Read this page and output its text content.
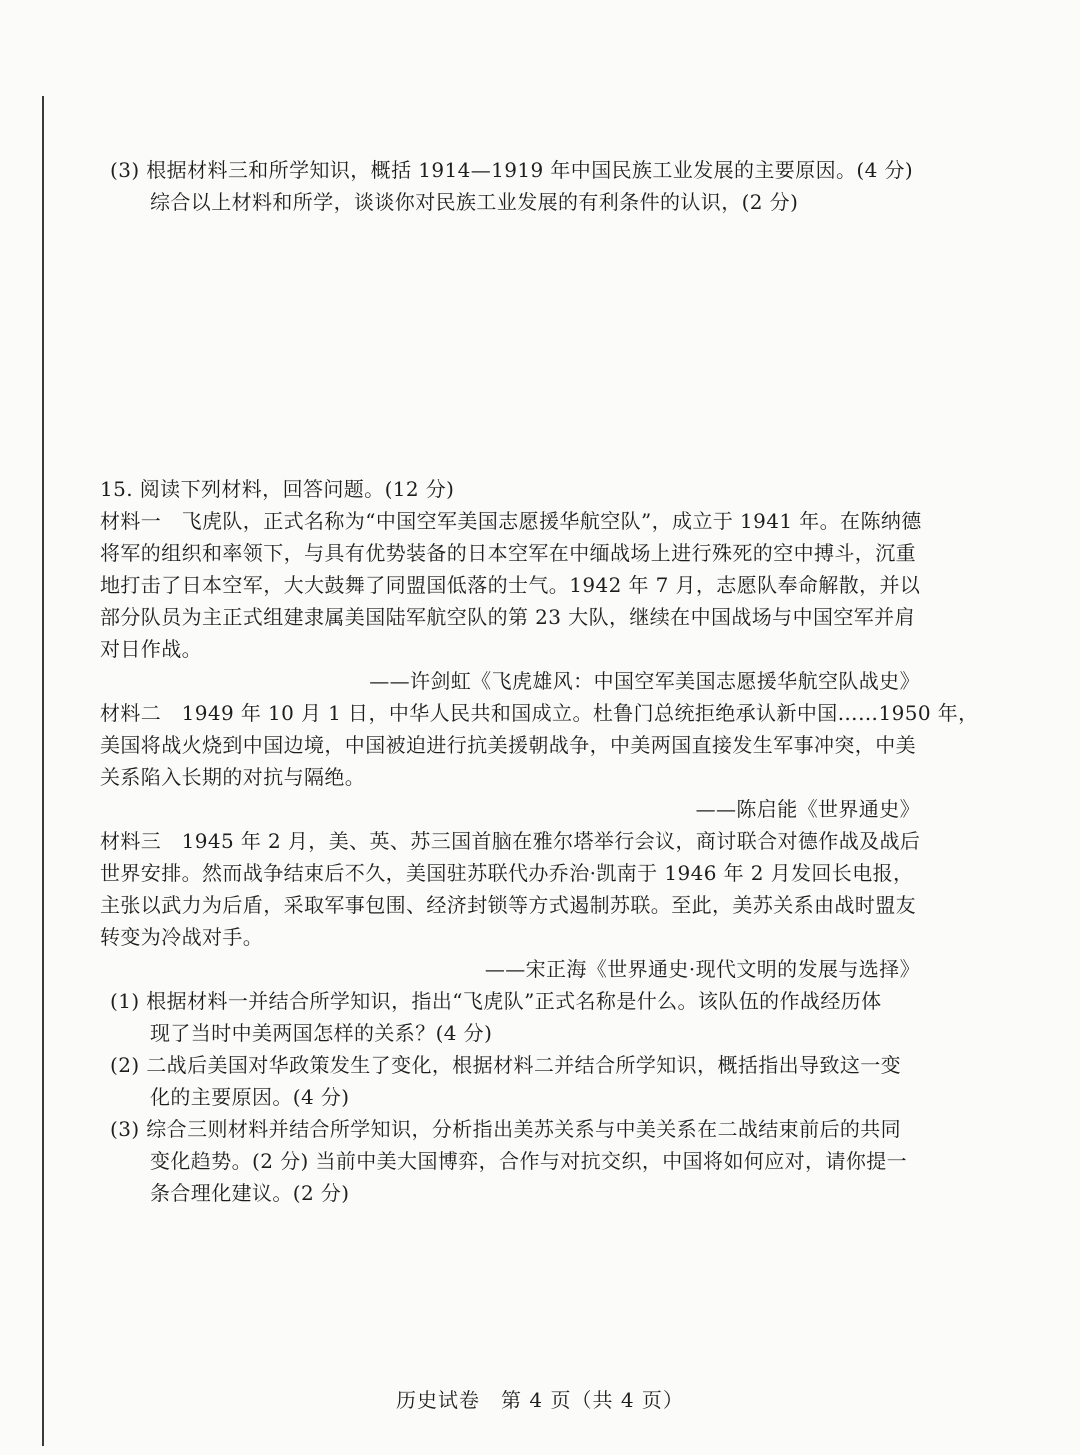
(3) 根据材料三和所学知识，概括 1914—1919 年中国民族工业发展的主要原因。(4 分)
综合以上材料和所学，谈谈你对民族工业发展的有利条件的认识，(2 分)
15. 阅读下列材料，回答问题。(12 分)
材料一　飞虎队，正式名称为“中国空军美国志愿援华航空队”，成立于 1941 年。在陈纳德
将军的组织和率领下，与具有优势装备的日本空军在中缅战场上进行殊死的空中搏斗，沉重
地打击了日本空军，大大鼓舞了同盟国低落的士气。1942 年 7 月，志愿队奉命解散，并以
部分队员为主正式组建隶属美国陆军航空队的第 23 大队，继续在中国战场与中国空军并肩
对日作战。
——许剑虹《飞虎雄风：中国空军美国志愿援华航空队战史》
材料二　1949 年 10 月 1 日，中华人民共和国成立。杜鲁门总统拒绝承认新中国……1950 年，
美国将战火烧到中国边境，中国被迫进行抗美援朝战争，中美两国直接发生军事冲突，中美
关系陷入长期的对抗与隔绝。
——陈启能《世界通史》
材料三　1945 年 2 月，美、英、苏三国首脑在雅尔塔举行会议，商讨联合对德作战及战后
世界安排。然而战争结束后不久，美国驻苏联代办乔治·凯南于 1946 年 2 月发回长电报，
主张以武力为后盾，采取军事包围、经济封锁等方式遏制苏联。至此，美苏关系由战时盟友
转变为冷战对手。
——宋正海《世界通史·现代文明的发展与选择》
(1) 根据材料一并结合所学知识，指出“飞虎队”正式名称是什么。该队伍的作战经历体
现了当时中美两国怎样的关系？(4 分)
(2) 二战后美国对华政策发生了变化，根据材料二并结合所学知识，概括指出导致这一变
化的主要原因。(4 分)
(3) 综合三则材料并结合所学知识，分析指出美苏关系与中美关系在二战结束前后的共同
变化趋势。(2 分) 当前中美大国博弈，合作与对抗交织，中国将如何应对，请你提一
条合理化建议。(2 分)
历史试卷　第 4 页（共 4 页）
